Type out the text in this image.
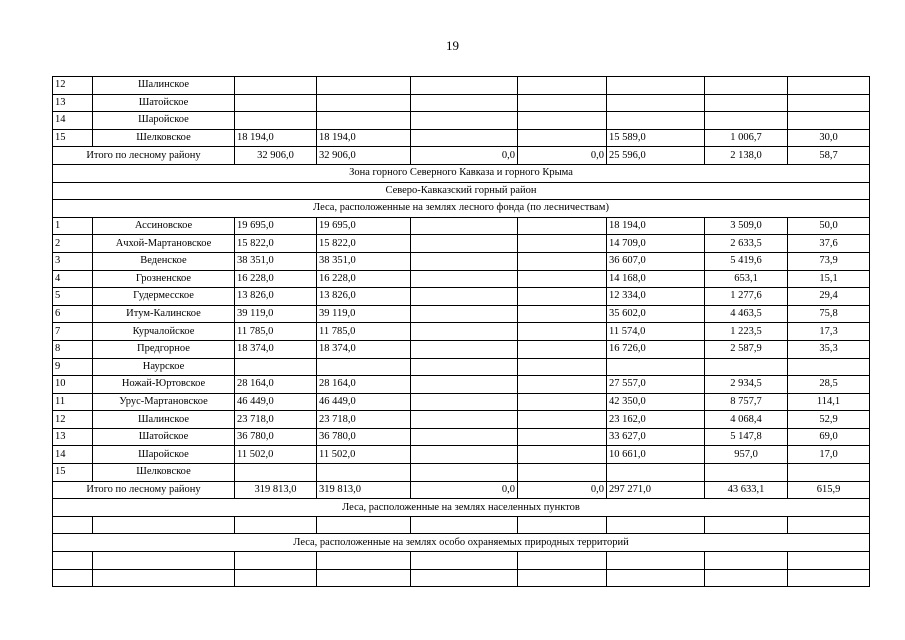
19
12	Шалинское							
13	Шатойское							
14	Шаройское							
15	Шелковское	18 194,0	18 194,0			15 589,0	1 006,7	30,0
Итого по лесному району		32 906,0	32 906,0	0,0	0,0	25 596,0	2 138,0	58,7
Зона горного Северного Кавказа и горного Крыма								
Северо-Кавказский горный район								
Леса, расположенные на землях лесного фонда (по лесничествам)								
1	Ассиновское	19 695,0	19 695,0			18 194,0	3 509,0	50,0
2	Ачхой-Мартановское	15 822,0	15 822,0			14 709,0	2 633,5	37,6
3	Веденское	38 351,0	38 351,0			36 607,0	5 419,6	73,9
4	Грозненское	16 228,0	16 228,0			14 168,0	653,1	15,1
5	Гудермесское	13 826,0	13 826,0			12 334,0	1 277,6	29,4
6	Итум-Калинское	39 119,0	39 119,0			35 602,0	4 463,5	75,8
7	Курчалойское	11 785,0	11 785,0			11 574,0	1 223,5	17,3
8	Предгорное	18 374,0	18 374,0			16 726,0	2 587,9	35,3
9	Наурское							
10	Ножай-Юртовское	28 164,0	28 164,0			27 557,0	2 934,5	28,5
11	Урус-Мартановское	46 449,0	46 449,0			42 350,0	8 757,7	114,1
12	Шалинское	23 718,0	23 718,0			23 162,0	4 068,4	52,9
13	Шатойское	36 780,0	36 780,0			33 627,0	5 147,8	69,0
14	Шаройское	11 502,0	11 502,0			10 661,0	957,0	17,0
15	Шелковское							
Итого по лесному району		319 813,0	319 813,0	0,0	0,0	297 271,0	43 633,1	615,9
Леса, расположенные на землях населенных пунктов								

Леса, расположенные на землях особо охраняемых природных территорий								
